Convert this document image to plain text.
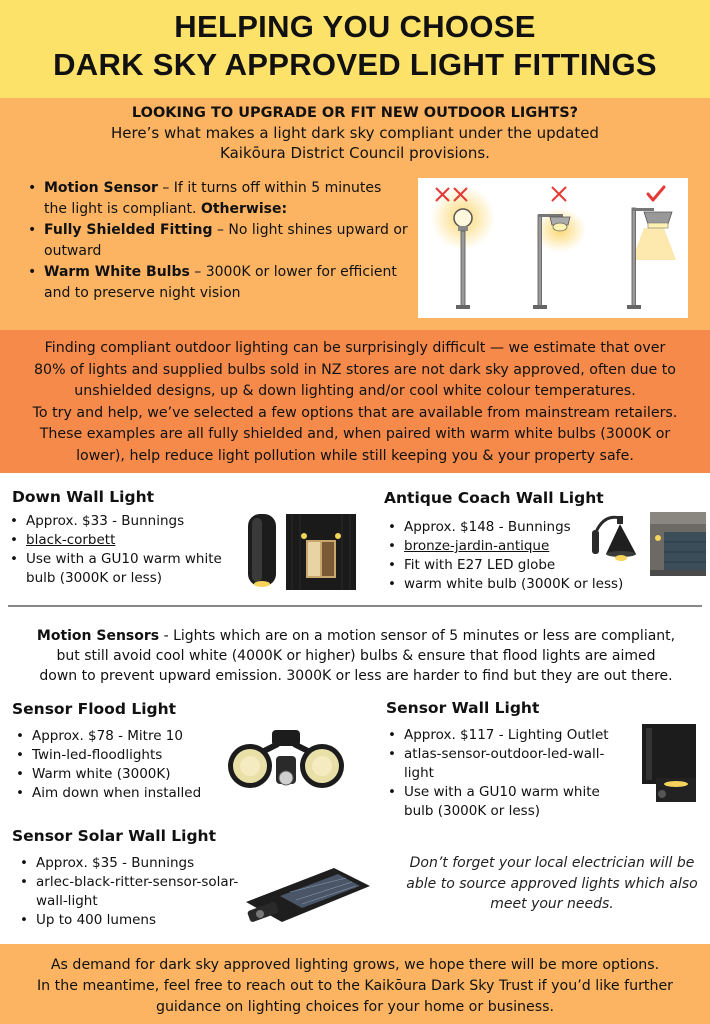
HELPING YOU CHOOSE
DARK SKY APPROVED LIGHT FITTINGS
LOOKING TO UPGRADE OR FIT NEW OUTDOOR LIGHTS?
Here’s what makes a light dark sky compliant under the updated
Kaikōura District Council provisions.
• Motion Sensor – If it turns off within 5 minutes the light is compliant. Otherwise:
• Fully Shielded Fitting – No light shines upward or outward
• Warm White Bulbs – 3000K or lower for efficient and to preserve night vision
Finding compliant outdoor lighting can be surprisingly difficult — we estimate that over
80% of lights and supplied bulbs sold in NZ stores are not dark sky approved, often due to
unshielded designs, up & down lighting and/or cool white colour temperatures.
To try and help, we’ve selected a few options that are available from mainstream retailers.
These examples are all fully shielded and, when paired with warm white bulbs (3000K or
lower), help reduce light pollution while still keeping you & your property safe.
Down Wall Light
• Approx. $33 - Bunnings
• black-corbett
• Use with a GU10 warm white
bulb (3000K or less)
Antique Coach Wall Light
• Approx. $148 - Bunnings
• bronze-jardin-antique
• Fit with E27 LED globe
• warm white bulb (3000K or less)
Motion Sensors - Lights which are on a motion sensor of 5 minutes or less are compliant,
but still avoid cool white (4000K or higher) bulbs & ensure that flood lights are aimed
down to prevent upward emission. 3000K or less are harder to find but they are out there.
Sensor Flood Light
• Approx. $78 - Mitre 10
• Twin-led-floodlights
• Warm white (3000K)
• Aim down when installed
Sensor Wall Light
• Approx. $117 - Lighting Outlet
• atlas-sensor-outdoor-led-wall-
light
• Use with a GU10 warm white
bulb (3000K or less)
Sensor Solar Wall Light
• Approx. $35 - Bunnings
• arlec-black-ritter-sensor-solar-
wall-light
• Up to 400 lumens
Don’t forget your local electrician will be
able to source approved lights which also
meet your needs.
As demand for dark sky approved lighting grows, we hope there will be more options.
In the meantime, feel free to reach out to the Kaikōura Dark Sky Trust if you’d like further
guidance on lighting choices for your home or business.
